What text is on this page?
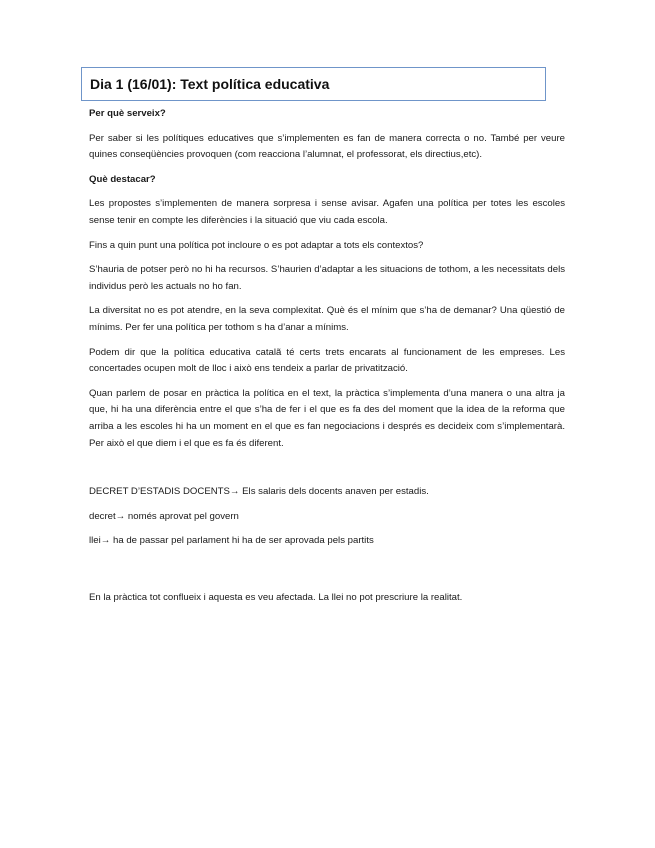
Dia 1 (16/01): Text política educativa

Per què serveix?

Per saber si les polítiques educatives que s’implementen es fan de manera correcta o no. També per veure quines conseqüències provoquen (com reacciona l’alumnat, el professorat, els directius,etc).

Què destacar?

Les propostes s’implementen de manera sorpresa i sense avisar. Agafen una política per totes les escoles sense tenir en compte les diferències i la situació que viu cada escola.

Fins a quin punt una política pot incloure o es pot adaptar a tots els contextos?

S’hauria de potser però no hi ha recursos. S’haurien d’adaptar a les situacions de tothom, a les necessitats dels individus però les actuals no ho fan.

La diversitat no es pot atendre, en la seva complexitat. Què és el mínim que s’ha de demanar? Una qüestió de mínims. Per fer una política per tothom s ha d’anar a mínims.

Podem dir que la política educativa catalã té certs trets encarats al funcionament de les empreses. Les concertades ocupen molt de lloc i això ens tendeix a parlar de privatització.

Quan parlem de posar en pràctica la política en el text, la pràctica s’implementa d’una manera o una altra ja que, hi ha una diferència entre el que s’ha de fer i el que es fa des del moment que la idea de la reforma que arriba a les escoles hi ha un moment en el que es fan negociacions i després es decideix com s’implementarà. Per això el que diem i el que es fa és diferent.

DECRET D’ESTADIS DOCENTS→ Els salaris dels docents anaven per estadis.

decret→ només aprovat pel govern

llei→ ha de passar pel parlament hi ha de ser aprovada pels partits

En la pràctica tot conflueix i aquesta es veu afectada. La llei no pot prescriure la realitat.
